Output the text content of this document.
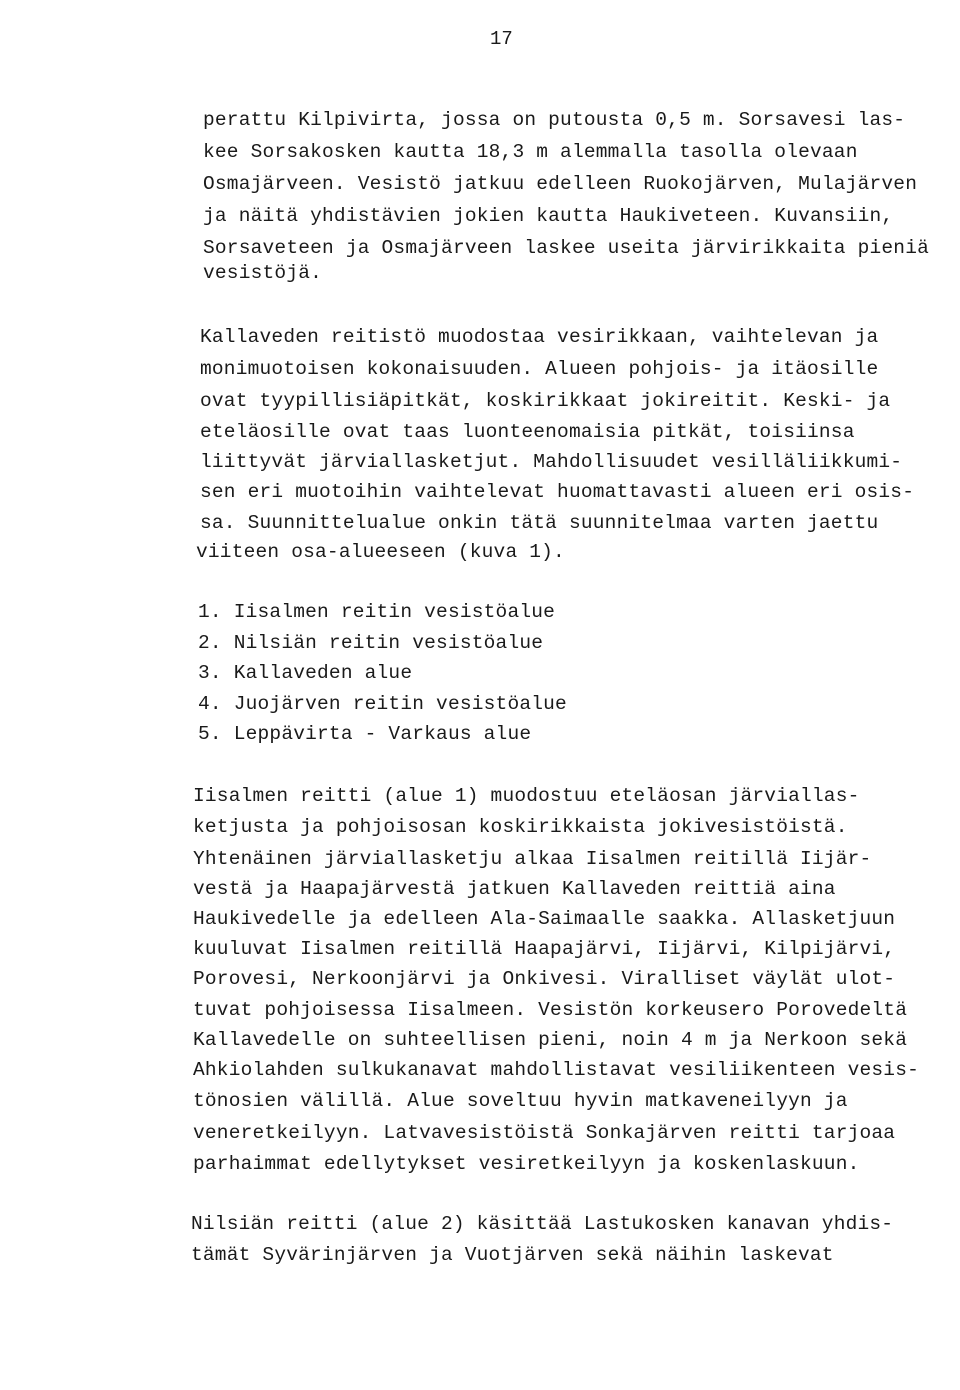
17
perattu Kilpivirta, jossa on putousta 0,5 m. Sorsavesi las-
kee Sorsakosken kautta 18,3 m alemmalla tasolla olevaan
Osmajärveen. Vesistö jatkuu edelleen Ruokojärven, Mulajärven
ja näitä yhdistävien jokien kautta Haukiveteen. Kuvansiin,
Sorsaveteen ja Osmajärveen laskee useita järvirikkaita pieniä
vesistöjä.
Kallaveden reitistö muodostaa vesirikkaan, vaihtelevan ja
monimuotoisen kokonaisuuden. Alueen pohjois- ja itäosille
ovat tyypillisiäpitkät, koskirikkaat jokireitit. Keski- ja
eteläosille ovat taas luonteenomaisia pitkät, toisiinsa
liittyvät järviallasketjut. Mahdollisuudet vesilläliikkumi-
sen eri muotoihin vaihtelevat huomattavasti alueen eri osis-
sa. Suunnittelualue onkin tätä suunnitelmaa varten jaettu
viiteen osa-alueeseen (kuva 1).
1. Iisalmen reitin vesistöalue
2. Nilsiän reitin vesistöalue
3. Kallaveden alue
4. Juojärven reitin vesistöalue
5. Leppävirta - Varkaus alue
Iisalmen reitti (alue 1) muodostuu eteläosan järviallas-
ketjusta ja pohjoisosan koskirikkaista jokivesistöistä.
Yhtenäinen järviallasketju alkaa Iisalmen reitillä Iijär-
vestä ja Haapajärvestä jatkuen Kallaveden reittiä aina
Haukivedelle ja edelleen Ala-Saimaalle saakka. Allasketjuun
kuuluvat Iisalmen reitillä Haapajärvi, Iijärvi, Kilpijärvi,
Porovesi, Nerkoonjärvi ja Onkivesi. Viralliset väylät ulot-
tuvat pohjoisessa Iisalmeen. Vesistön korkeusero Porovedeltä
Kallavedelle on suhteellisen pieni, noin 4 m ja Nerkoon sekä
Ahkiolahden sulkukanavat mahdollistavat vesiliikenteen vesis-
tönosien välillä. Alue soveltuu hyvin matkaveneilyyn ja
veneretkeilyyn. Latvavesistöistä Sonkajärven reitti tarjoaa
parhaimmat edellytykset vesiretkeilyyn ja koskenlaskuun.
Nilsiän reitti (alue 2) käsittää Lastukosken kanavan yhdis-
tämät Syvärinjärven ja Vuotjärven sekä näihin laskevat
